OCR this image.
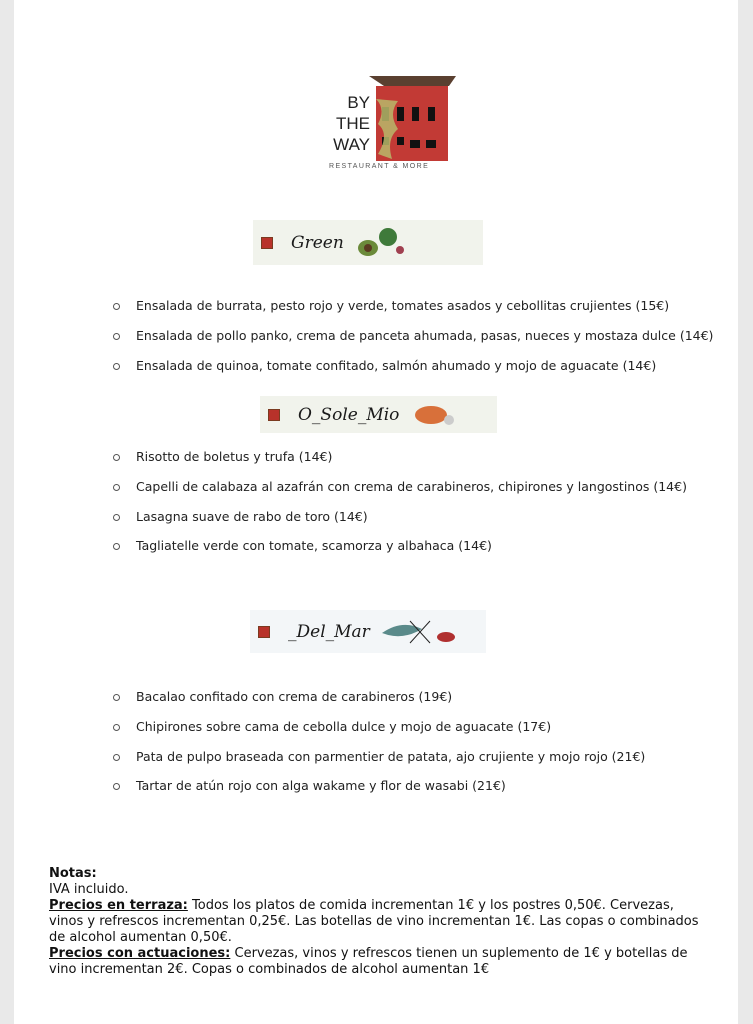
BY
THE
WAY
RESTAURANT & MORE
Green
Ensalada de burrata, pesto rojo y verde, tomates asados y cebollitas crujientes (15€)
Ensalada de pollo panko, crema de panceta ahumada, pasas, nueces y mostaza dulce (14€)
Ensalada de quinoa, tomate confitado, salmón ahumado y mojo de aguacate (14€)
O_Sole_Mio
Risotto de boletus y trufa (14€)
Capelli de calabaza al azafrán con crema de carabineros, chipirones y langostinos (14€)
Lasagna suave de rabo de toro (14€)
Tagliatelle verde con tomate, scamorza y albahaca (14€)
_Del_Mar
Bacalao confitado con crema de carabineros (19€)
Chipirones sobre cama de cebolla dulce y mojo de aguacate (17€)
Pata de pulpo braseada con parmentier de patata, ajo crujiente y mojo rojo (21€)
Tartar de atún rojo con alga wakame y flor de wasabi (21€)
Notas:
IVA incluido.
Precios en terraza: Todos los platos de comida incrementan 1€ y los postres 0,50€. Cervezas, vinos y refrescos incrementan 0,25€. Las botellas de vino incrementan 1€. Las copas o combinados de alcohol aumentan 0,50€.
Precios con actuaciones: Cervezas, vinos y refrescos tienen un suplemento de 1€ y botellas de vino incrementan 2€. Copas o combinados de alcohol aumentan 1€
